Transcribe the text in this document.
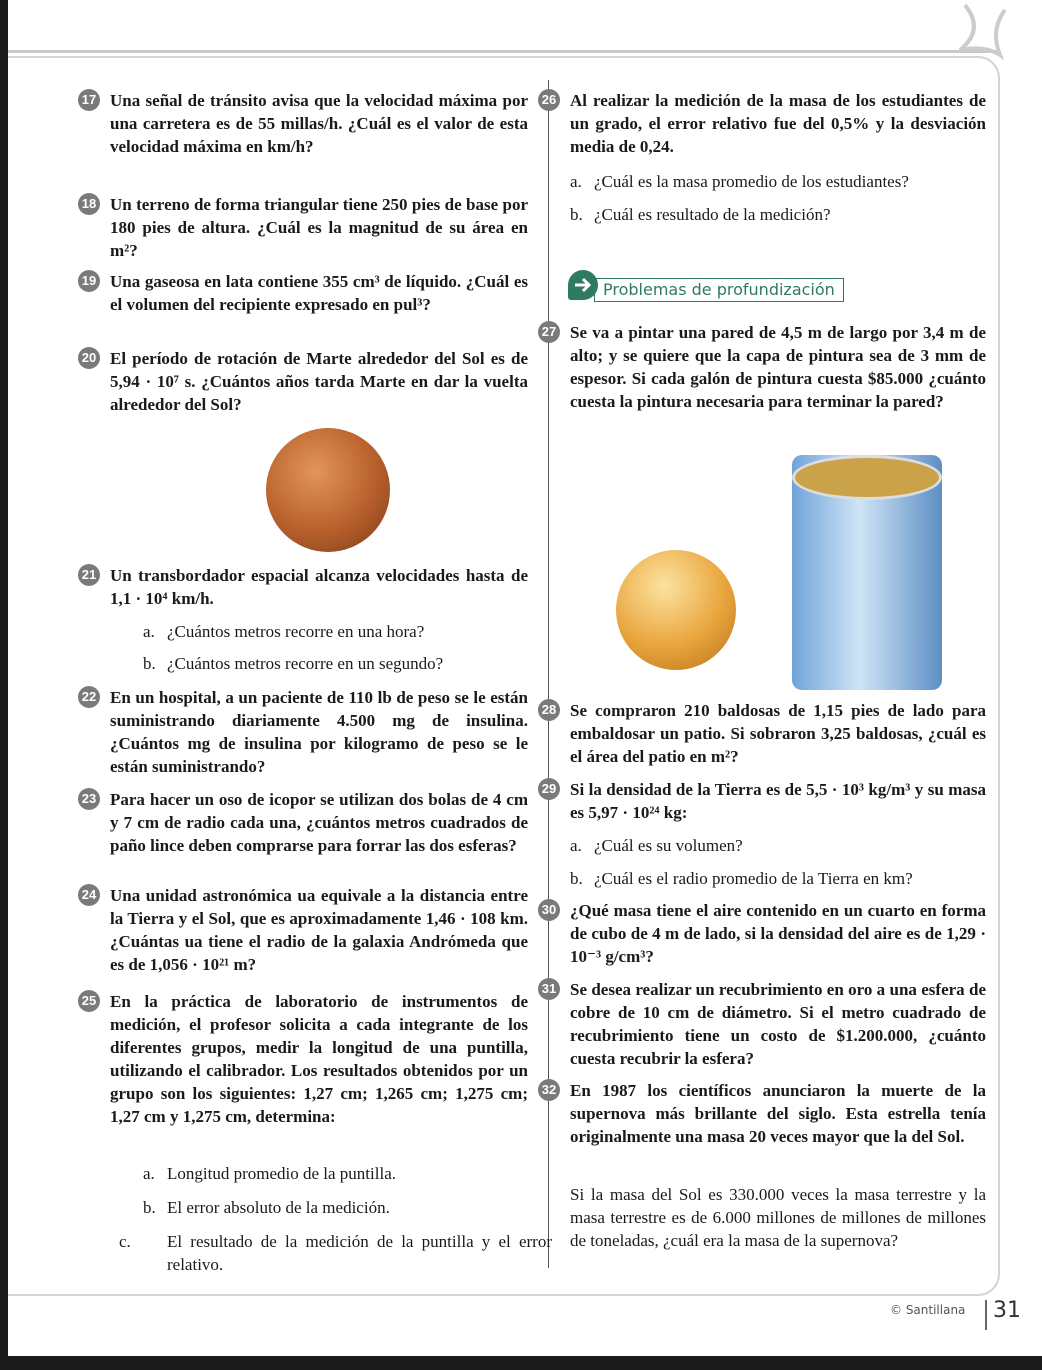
17 Una señal de tránsito avisa que la velocidad máxima por una carretera es de 55 millas/h. ¿Cuál es el valor de esta velocidad máxima en km/h?
18 Un terreno de forma triangular tiene 250 pies de base por 180 pies de altura. ¿Cuál es la magnitud de su área en m²?
19 Una gaseosa en lata contiene 355 cm³ de líquido. ¿Cuál es el volumen del recipiente expresado en pul³?
20 El período de rotación de Marte alrededor del Sol es de 5,94 · 10⁷ s. ¿Cuántos años tarda Marte en dar la vuelta alrededor del Sol?
21 Un transbordador espacial alcanza velocidades hasta de 1,1 · 10⁴ km/h.
a. ¿Cuántos metros recorre en una hora?
b. ¿Cuántos metros recorre en un segundo?
22 En un hospital, a un paciente de 110 lb de peso se le están suministrando diariamente 4.500 mg de insulina. ¿Cuántos mg de insulina por kilogramo de peso se le están suministrando?
23 Para hacer un oso de icopor se utilizan dos bolas de 4 cm y 7 cm de radio cada una, ¿cuántos metros cuadrados de paño lince deben comprarse para forrar las dos esferas?
24 Una unidad astronómica ua equivale a la distancia entre la Tierra y el Sol, que es aproximadamente 1,46 · 108 km. ¿Cuántas ua tiene el radio de la galaxia Andrómeda que es de 1,056 · 10²¹ m?
25 En la práctica de laboratorio de instrumentos de medición, el profesor solicita a cada integrante de los diferentes grupos, medir la longitud de una puntilla, utilizando el calibrador. Los resultados obtenidos por un grupo son los siguientes: 1,27 cm; 1,265 cm; 1,275 cm; 1,27 cm y 1,275 cm, determina:
a. Longitud promedio de la puntilla.
b. El error absoluto de la medición.
c. El resultado de la medición de la puntilla y el error relativo.
26 Al realizar la medición de la masa de los estudiantes de un grado, el error relativo fue del 0,5% y la desviación media de 0,24.
a. ¿Cuál es la masa promedio de los estudiantes?
b. ¿Cuál es resultado de la medición?
Problemas de profundización
27 Se va a pintar una pared de 4,5 m de largo por 3,4 m de alto; y se quiere que la capa de pintura sea de 3 mm de espesor. Si cada galón de pintura cuesta $85.000 ¿cuánto cuesta la pintura necesaria para terminar la pared?
28 Se compraron 210 baldosas de 1,15 pies de lado para embaldosar un patio. Si sobraron 3,25 baldosas, ¿cuál es el área del patio en m²?
29 Si la densidad de la Tierra es de 5,5 · 10³ kg/m³ y su masa es 5,97 · 10²⁴ kg:
a. ¿Cuál es su volumen?
b. ¿Cuál es el radio promedio de la Tierra en km?
30 ¿Qué masa tiene el aire contenido en un cuarto en forma de cubo de 4 m de lado, si la densidad del aire es de 1,29 · 10⁻³ g/cm³?
31 Se desea realizar un recubrimiento en oro a una esfera de cobre de 10 cm de diámetro. Si el metro cuadrado de recubrimiento tiene un costo de $1.200.000, ¿cuánto cuesta recubrir la esfera?
32 En 1987 los científicos anunciaron la muerte de la supernova más brillante del siglo. Esta estrella tenía originalmente una masa 20 veces mayor que la del Sol.
Si la masa del Sol es 330.000 veces la masa terrestre y la masa terrestre es de 6.000 millones de millones de millones de toneladas, ¿cuál era la masa de la supernova?
© Santillana 31
